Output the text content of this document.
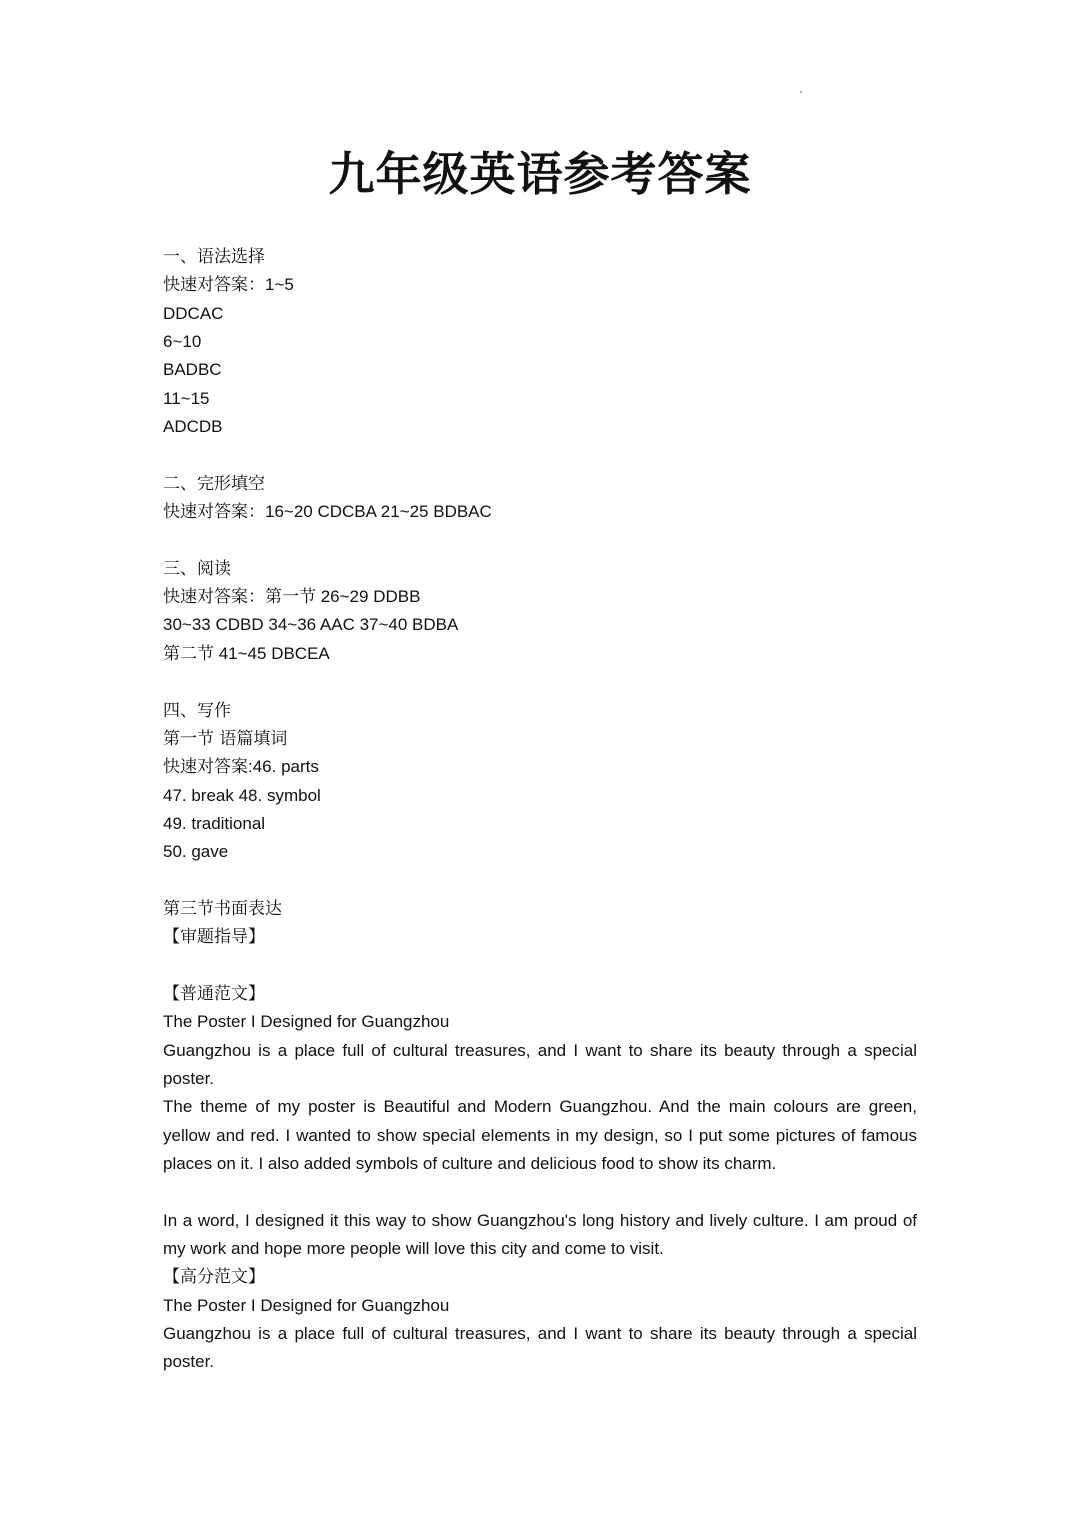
九年级英语参考答案
一、语法选择
快速对答案：1~5
DDCAC
6~10
BADBC
11~15
ADCDB
二、完形填空
快速对答案：16~20 CDCBA 21~25 BDBAC
三、阅读
快速对答案：第一节 26~29 DDBB
30~33 CDBD 34~36 AAC 37~40 BDBA
第二节 41~45 DBCEA
四、写作
第一节 语篇填词
快速对答案:46. parts
47. break 48. symbol
49. traditional
50. gave
第三节书面表达
【审题指导】
【普通范文】
The Poster I Designed for Guangzhou
Guangzhou is a place full of cultural treasures, and I want to share its beauty through a special poster.
The theme of my poster is Beautiful and Modern Guangzhou. And the main colours are green, yellow and red. I wanted to show special elements in my design, so I put some pictures of famous places on it. I also added symbols of culture and delicious food to show its charm.
In a word, I designed it this way to show Guangzhou's long history and lively culture. I am proud of my work and hope more people will love this city and come to visit.
【高分范文】
The Poster I Designed for Guangzhou
Guangzhou is a place full of cultural treasures, and I want to share its beauty through a special poster.
